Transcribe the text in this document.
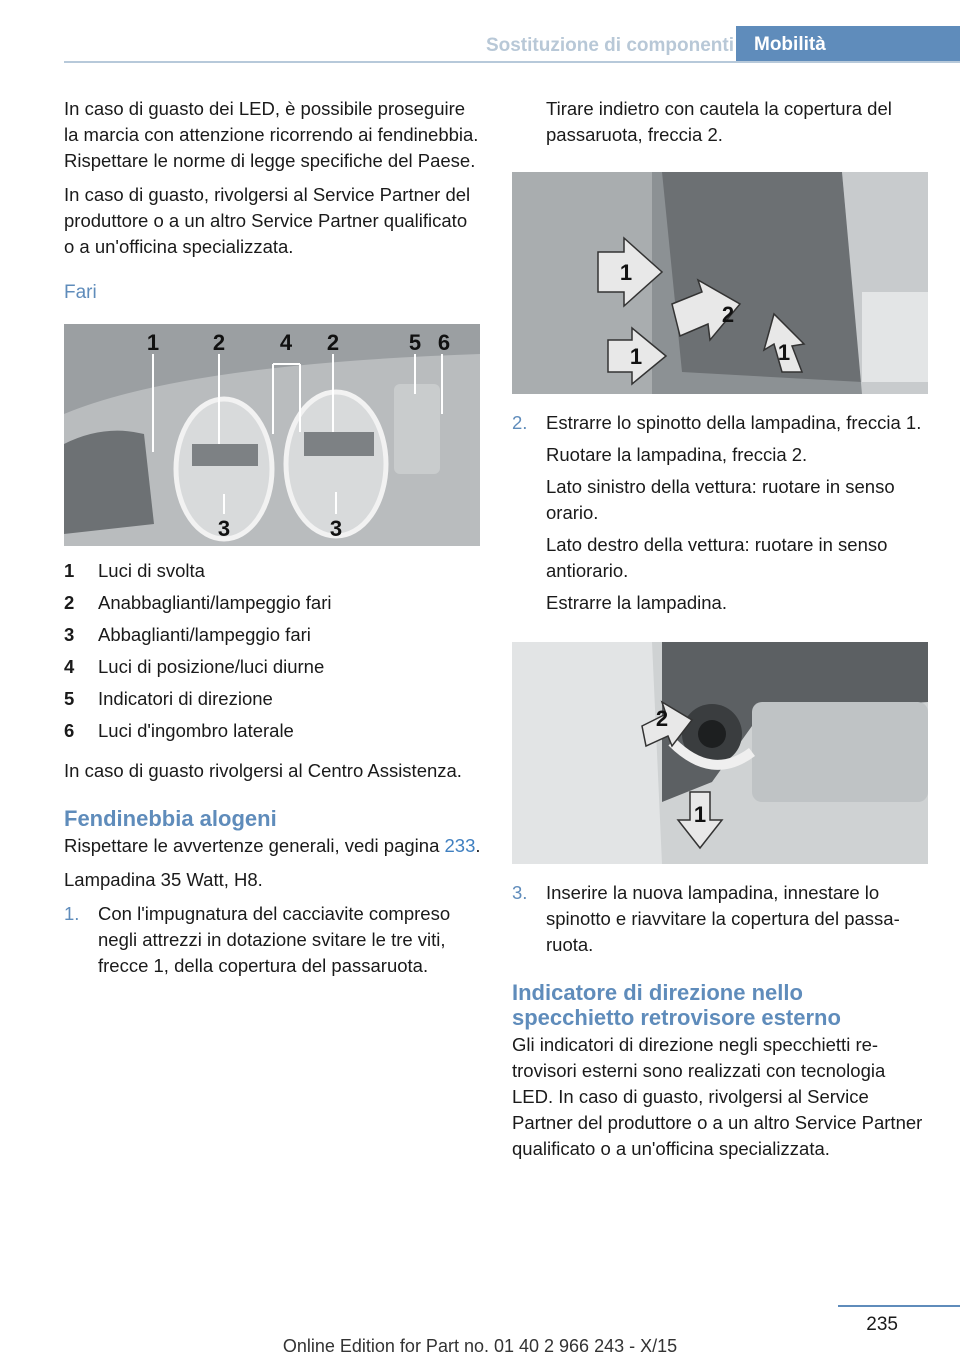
Sostituzione di componenti	Mobilità

In caso di guasto dei LED, è possibile proseguire la marcia con attenzione ricorrendo ai fendinebbia. Rispettare le norme di legge specifiche del Paese.

In caso di guasto, rivolgersi al Service Partner del produttore o a un altro Service Partner qualificato o a un'officina specializzata.

Fari
1 2 4 2	5 6
3	3
1	Luci di svolta
2	Anabbaglianti/lampeggio fari
3	Abbaglianti/lampeggio fari
4	Luci di posizione/luci diurne
5	Indicatori di direzione
6	Luci d'ingombro laterale

In caso di guasto rivolgersi al Centro Assistenza.

Fendinebbia alogeni

Rispettare le avvertenze generali, vedi pagina 233.

Lampadina 35 Watt, H8.

1.	Con l'impugnatura del cacciavite compreso negli attrezzi in dotazione svitare le tre viti, frecce 1, della copertura del passaruota.
Tirare indietro con cautela la copertura del passaruota, freccia 2.
1
2
1	1
2.	Estrarre lo spinotto della lampadina, freccia 1.

Ruotare la lampadina, freccia 2.

Lato sinistro della vettura: ruotare in senso orario.

Lato destro della vettura: ruotare in senso antiorario.

Estrarre la lampadina.

2
1
3.	Inserire la nuova lampadina, innestare lo spinotto e riavvitare la copertura del passaruota.
Indicatore di direzione nello specchietto retrovisore esterno

Gli indicatori di direzione negli specchietti retrovisori esterni sono realizzati con tecnologia LED. In caso di guasto, rivolgersi al Service Partner del produttore o a un altro Service Partner qualificato o a un'officina specializzata.

235
Online Edition for Part no. 01 40 2 966 243 - X/15
